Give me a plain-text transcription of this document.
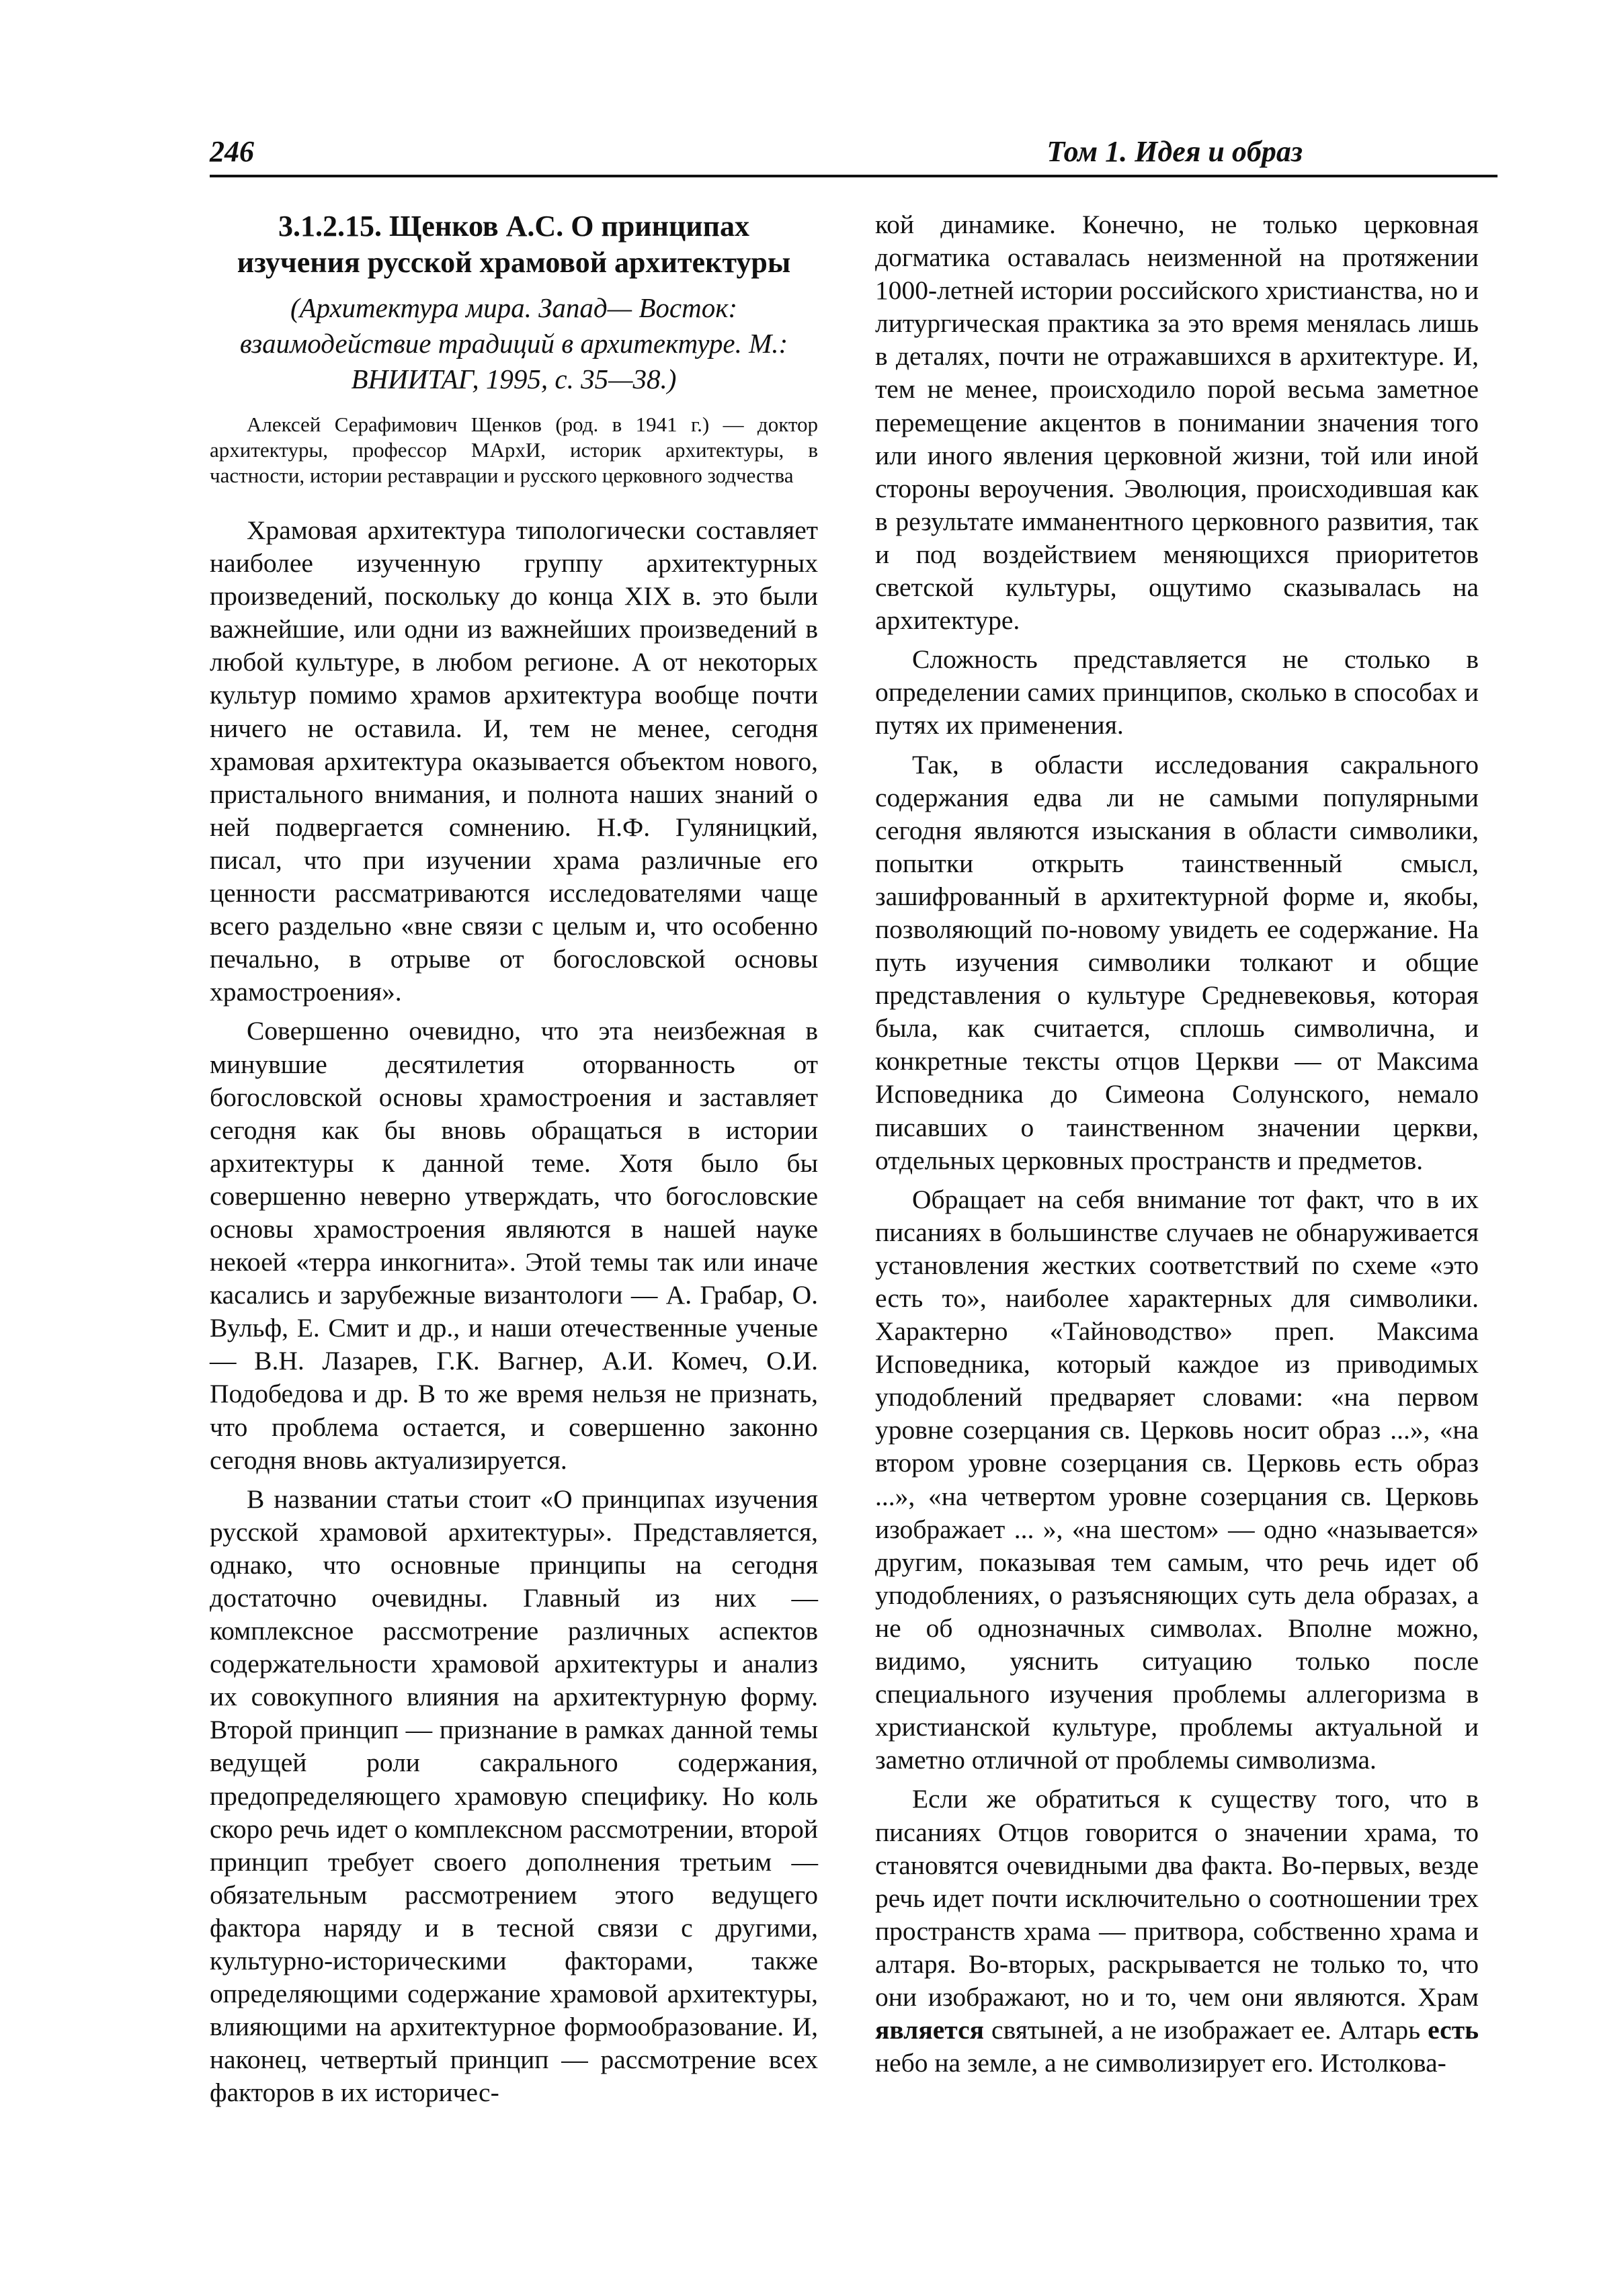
246	Том 1. Идея и образ
3.1.2.15. Щенков А.С. О принципах изучения русской храмовой архитектуры
(Архитектура мира. Запад— Восток: взаимодействие традиций в архитектуре. М.: ВНИИТАГ, 1995, с. 35—38.)
Алексей Серафимович Щенков (род. в 1941 г.) — доктор архитектуры, профессор МАрхИ, историк архитектуры, в частности, истории реставрации и русского церковного зодчества

Храмовая архитектура типологически составляет наиболее изученную группу архитектурных произведений, поскольку до конца XIX в. это были важнейшие, или одни из важнейших произведений в любой культуре, в любом регионе. А от некоторых культур помимо храмов архитектура вообще почти ничего не оставила. И, тем не менее, сегодня храмовая архитектура оказывается объектом нового, пристального внимания, и полнота наших знаний о ней подвергается сомнению. Н.Ф. Гуляницкий, писал, что при изучении храма различные его ценности рассматриваются исследователями чаще всего раздельно «вне связи с целым и, что особенно печально, в отрыве от богословской основы храмостроения».

Совершенно очевидно, что эта неизбежная в минувшие десятилетия оторванность от богословской основы храмостроения и заставляет сегодня как бы вновь обращаться в истории архитектуры к данной теме. Хотя было бы совершенно неверно утверждать, что богословские основы храмостроения являются в нашей науке некоей «терра инкогнита». Этой темы так или иначе касались и зарубежные византологи — А. Грабар, О. Вульф, Е. Смит и др., и наши отечественные ученые — В.Н. Лазарев, Г.К. Вагнер, А.И. Комеч, О.И. Подобедова и др. В то же время нельзя не признать, что проблема остается, и совершенно законно сегодня вновь актуализируется.

В названии статьи стоит «О принципах изучения русской храмовой архитектуры». Представляется, однако, что основные принципы на сегодня достаточно очевидны. Главный из них — комплексное рассмотрение различных аспектов содержательности храмовой архитектуры и анализ их совокупного влияния на архитектурную форму. Второй принцип — признание в рамках данной темы ведущей роли сакрального содержания, предопределяющего храмовую специфику. Но коль скоро речь идет о комплексном рассмотрении, второй принцип требует своего дополнения третьим — обязательным рассмотрением этого ведущего фактора наряду и в тесной связи с другими, культурно-историческими факторами, также определяющими содержание храмовой архитектуры, влияющими на архитектурное формообразование. И, наконец, четвертый принцип — рассмотрение всех факторов в их историчес-

кой динамике. Конечно, не только церковная догматика оставалась неизменной на протяжении 1000-летней истории российского христианства, но и литургическая практика за это время менялась лишь в деталях, почти не отражавшихся в архитектуре. И, тем не менее, происходило порой весьма заметное перемещение акцентов в понимании значения того или иного явления церковной жизни, той или иной стороны вероучения. Эволюция, происходившая как в результате имманентного церковного развития, так и под воздействием меняющихся приоритетов светской культуры, ощутимо сказывалась на архитектуре.

Сложность представляется не столько в определении самих принципов, сколько в способах и путях их применения.

Так, в области исследования сакрального содержания едва ли не самыми популярными сегодня являются изыскания в области символики, попытки открыть таинственный смысл, зашифрованный в архитектурной форме и, якобы, позволяющий по-новому увидеть ее содержание. На путь изучения символики толкают и общие представления о культуре Средневековья, которая была, как считается, сплошь символична, и конкретные тексты отцов Церкви — от Максима Исповедника до Симеона Солунского, немало писавших о таинственном значении церкви, отдельных церковных пространств и предметов.

Обращает на себя внимание тот факт, что в их писаниях в большинстве случаев не обнаруживается установления жестких соответствий по схеме «это есть то», наиболее характерных для символики. Характерно «Тайноводство» преп. Максима Исповедника, который каждое из приводимых уподоблений предваряет словами: «на первом уровне созерцания св. Церковь носит образ ...», «на втором уровне созерцания св. Церковь есть образ ...», «на четвертом уровне созерцания св. Церковь изображает ... », «на шестом» — одно «называется» другим, показывая тем самым, что речь идет об уподоблениях, о разъясняющих суть дела образах, а не об однозначных символах. Вполне можно, видимо, уяснить ситуацию только после специального изучения проблемы аллегоризма в христианской культуре, проблемы актуальной и заметно отличной от проблемы символизма.

Если же обратиться к существу того, что в писаниях Отцов говорится о значении храма, то становятся очевидными два факта. Во-первых, везде речь идет почти исключительно о соотношении трех пространств храма — притвора, собственно храма и алтаря. Во-вторых, раскрывается не только то, что они изображают, но и то, чем они являются. Храм является святыней, а не изображает ее. Алтарь есть небо на земле, а не символизирует его. Истолкова-
